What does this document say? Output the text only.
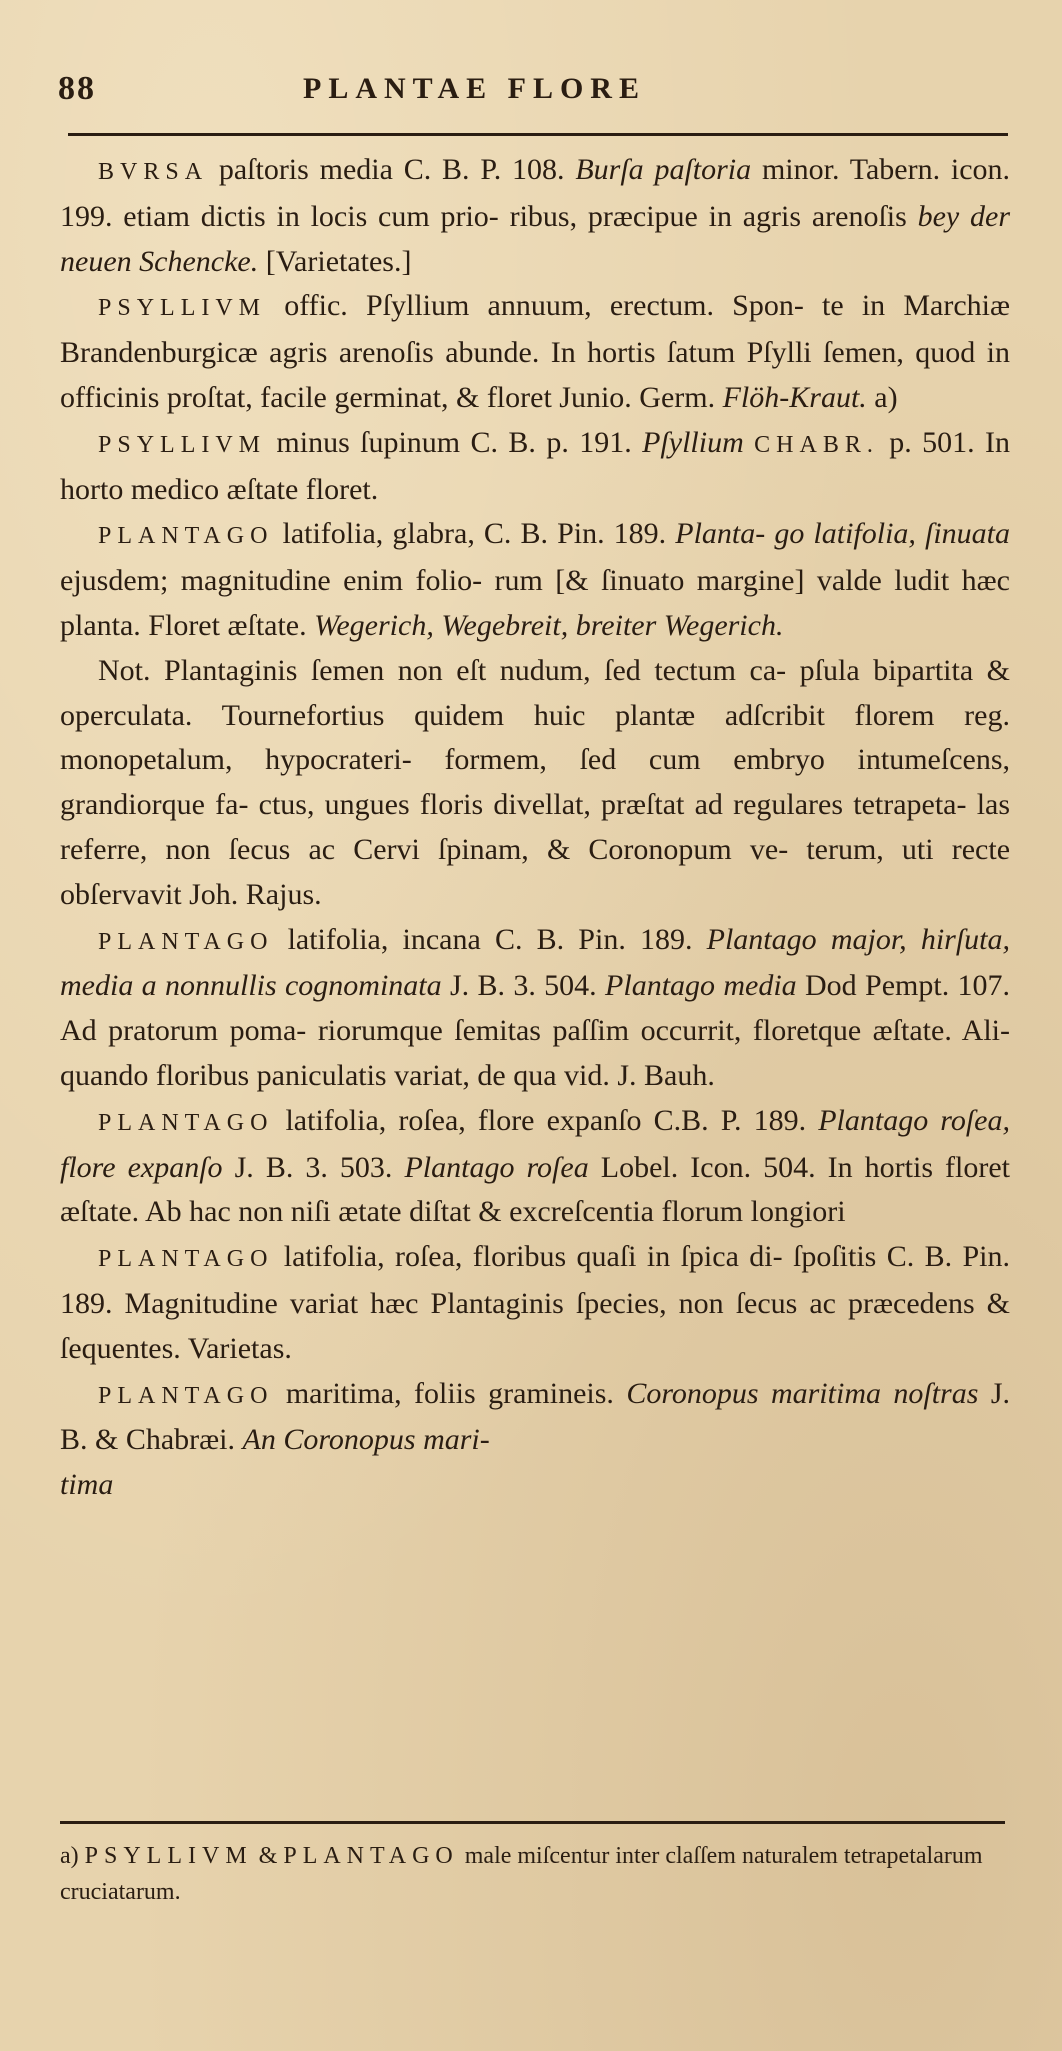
88	PLANTAE FLORE

BVRSA paſtoris media C. B. P. 108. Burſa paſtoria minor. Tabern. icon. 199. etiam dictis in locis cum prio- ribus, præcipue in agris arenoſis bey der neuen Schencke. [Varietates.]

PSYLLIVM offic. Pſyllium annuum, erectum. Spon- te in Marchiæ Brandenburgicæ agris arenoſis abunde. In hortis ſatum Pſylli ſemen, quod in officinis proſtat, facile germinat, & floret Junio. Germ. Flöh-Kraut. a)

PSYLLIVM minus ſupinum C. B. p. 191. Pſyllium CHABR. p. 501. In horto medico æſtate floret.

PLANTAGO latifolia, glabra, C. B. Pin. 189. Planta- go latifolia, ſinuata ejusdem; magnitudine enim folio- rum [& ſinuato margine] valde ludit hæc planta. Floret æſtate. Wegerich, Wegebreit, breiter Wegerich.

Not. Plantaginis ſemen non eſt nudum, ſed tectum ca- pſula bipartita & operculata. Tournefortius quidem huic plantæ adſcribit florem reg. monopetalum, hypocrateri- formem, ſed cum embryo intumeſcens, grandiorque fa- ctus, ungues floris divellat, præſtat ad regulares tetrapeta- las referre, non ſecus ac Cervi ſpinam, & Coronopum ve- terum, uti recte obſervavit Joh. Rajus.

PLANTAGO latifolia, incana C. B. Pin. 189. Plantago major, hirſuta, media a nonnullis cognominata J. B. 3. 504. Plantago media Dod Pempt. 107. Ad pratorum poma- riorumque ſemitas paſſim occurrit, floretque æſtate. Ali- quando floribus paniculatis variat, de qua vid. J. Bauh.

PLANTAGO latifolia, roſea, flore expanſo C.B. P. 189. Plantago roſea, flore expanſo J. B. 3. 503. Plantago roſea Lobel. Icon. 504. In hortis floret æſtate. Ab hac non niſi ætate diſtat & excreſcentia florum longiori

PLANTAGO latifolia, roſea, floribus quaſi in ſpica di- ſpoſitis C. B. Pin. 189. Magnitudine variat hæc Plantaginis ſpecies, non ſecus ac præcedens & ſequentes. Varietas.

PLANTAGO maritima, foliis gramineis. Coronopus maritima noſtras J. B. & Chabræi. An Coronopus mari-

tima

a) PSYLLIVM & PLANTAGO male miſcentur inter claſſem naturalem tetrapetalarum cruciatarum.
